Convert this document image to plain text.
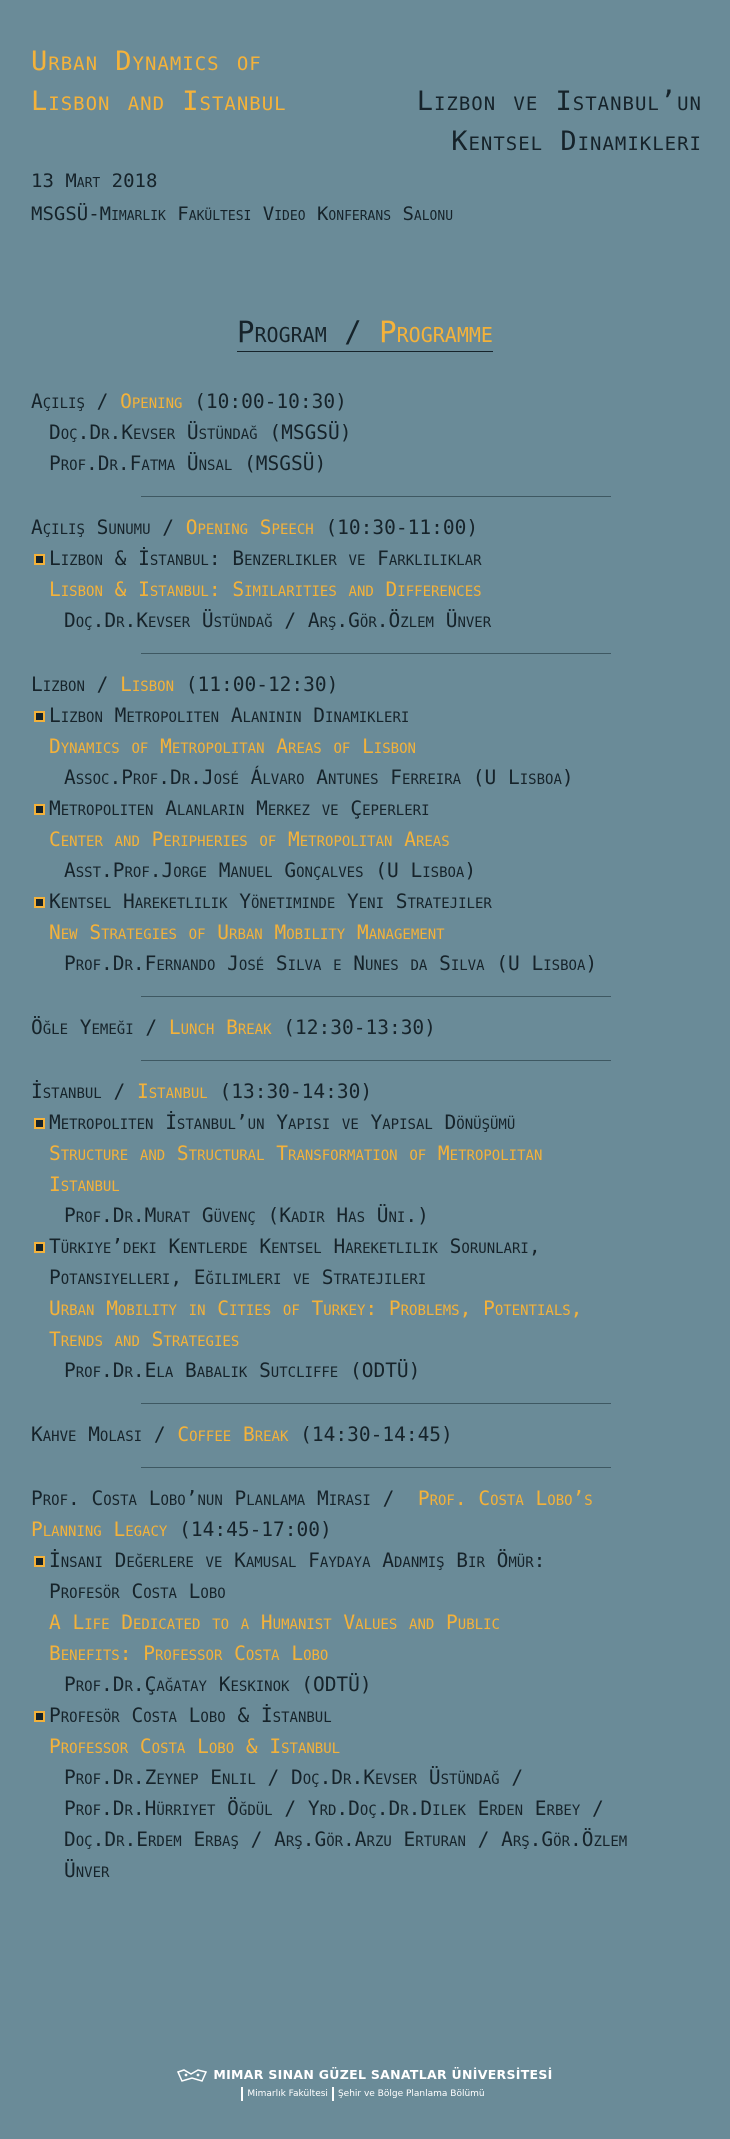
Urban Dynamics of
Lisbon and Istanbul	Lizbon ve Istanbul’un
Kentsel Dinamikleri
13 Mart 2018
MSGSÜ-Mimarlik Fakültesi Video Konferans Salonu
Program / Programme
Açiliş / Opening (10:00-10:30)
Doç.Dr.Kevser Üstündağ (MSGSÜ)
Prof.Dr.Fatma Ünsal (MSGSÜ)
Açiliş Sunumu / Opening Speech (10:30-11:00)
Lizbon & İstanbul: Benzerlikler ve Farkliliklar
Lisbon & Istanbul: Similarities and Differences
Doç.Dr.Kevser Üstündağ / Arş.Gör.Özlem Ünver
Lizbon / Lisbon (11:00-12:30)
Lizbon Metropoliten Alaninin Dinamikleri
Dynamics of Metropolitan Areas of Lisbon
Assoc.Prof.Dr.José Álvaro Antunes Ferreira (U Lisboa)
Metropoliten Alanlarin Merkez ve Çeperleri
Center and Peripheries of Metropolitan Areas
Asst.Prof.Jorge Manuel Gonçalves (U Lisboa)
Kentsel Hareketlilik Yönetiminde Yeni Stratejiler
New Strategies of Urban Mobility Management
Prof.Dr.Fernando José Silva e Nunes da Silva (U Lisboa)
Öğle Yemeği / Lunch Break (12:30-13:30)
İstanbul / Istanbul (13:30-14:30)
Metropoliten İstanbul’un Yapisi ve Yapisal Dönüşümü
Structure and Structural Transformation of Metropolitan
Istanbul
Prof.Dr.Murat Güvenç (Kadir Has Üni.)
Türkiye’deki Kentlerde Kentsel Hareketlilik Sorunlari,
Potansiyelleri, Eğilimleri ve Stratejileri
Urban Mobility in Cities of Turkey: Problems, Potentials,
Trends and Strategies
Prof.Dr.Ela Babalik Sutcliffe (ODTÜ)
Kahve Molasi / Coffee Break (14:30-14:45)
Prof. Costa Lobo’nun Planlama Mirasi /  Prof. Costa Lobo’s
Planning Legacy (14:45-17:00)
İnsani Değerlere ve Kamusal Faydaya Adanmiş Bir Ömür:
Profesör Costa Lobo
A Life Dedicated to a Humanist Values and Public
Benefits: Professor Costa Lobo
Prof.Dr.Çağatay Keskinok (ODTÜ)
Profesör Costa Lobo & İstanbul
Professor Costa Lobo & Istanbul
Prof.Dr.Zeynep Enlil / Doç.Dr.Kevser Üstündağ /
Prof.Dr.Hürriyet Öğdül / Yrd.Doç.Dr.Dilek Erden Erbey /
Doç.Dr.Erdem Erbaş / Arş.Gör.Arzu Erturan / Arş.Gör.Özlem
Ünver
MIMAR SINAN GÜZEL SANATLAR ÜNİVERSİTESİ
Mimarlık Fakültesi Şehir ve Bölge Planlama Bölümü
